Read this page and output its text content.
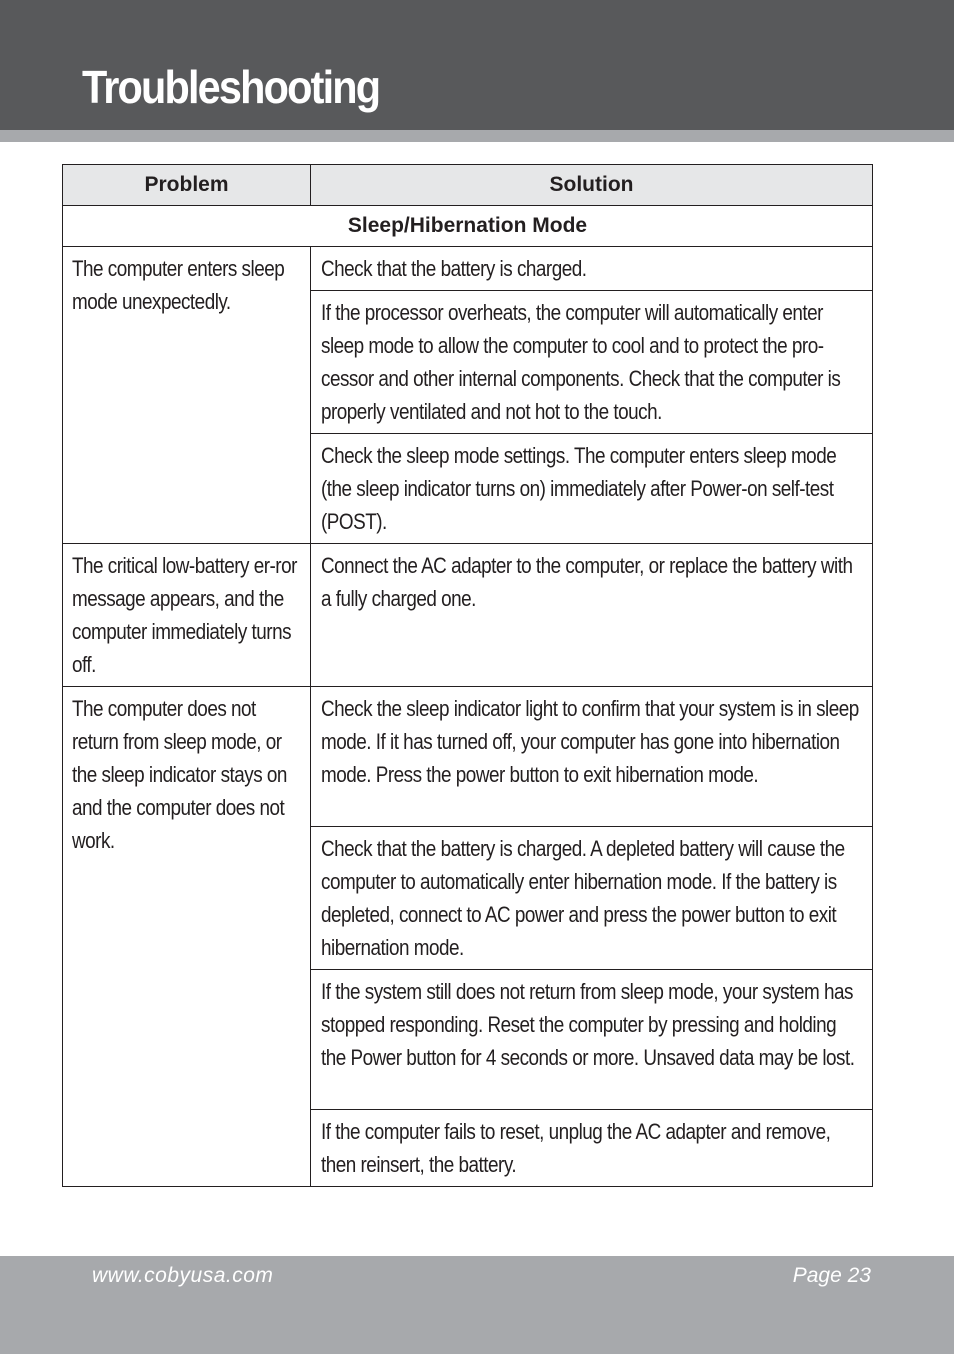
Troubleshooting
Problem	Solution
Sleep/Hibernation Mode	

The computer enters sleep mode unexpectedly.	Check that the battery is charged.

	If the processor overheats, the computer will automatically enter sleep mode to allow the computer to cool and to protect the pro-cessor and other internal components. Check that the computer is properly ventilated and not hot to the touch.

	Check the sleep mode settings. The computer enters sleep mode (the sleep indicator turns on) immediately after Power-on self-test (POST).

The critical low-battery er-ror message appears, and the computer immediately turns off.	Connect the AC adapter to the computer, or replace the battery with a fully charged one.

The computer does not return from sleep mode, or the sleep indicator stays on and the computer does not work.	Check the sleep indicator light to confirm that your system is in sleep mode. If it has turned off, your computer has gone into hibernation mode. Press the power button to exit hibernation mode.

	Check that the battery is charged. A depleted battery will cause the computer to automatically enter hibernation mode. If the battery is depleted, connect to AC power and press the power button to exit hibernation mode.

	If the system still does not return from sleep mode, your system has stopped responding. Reset the computer by pressing and holding the Power button for 4 seconds or more. Unsaved data may be lost.

	If the computer fails to reset, unplug the AC adapter and remove, then reinsert, the battery.
www.cobyusa.com	Page 23
